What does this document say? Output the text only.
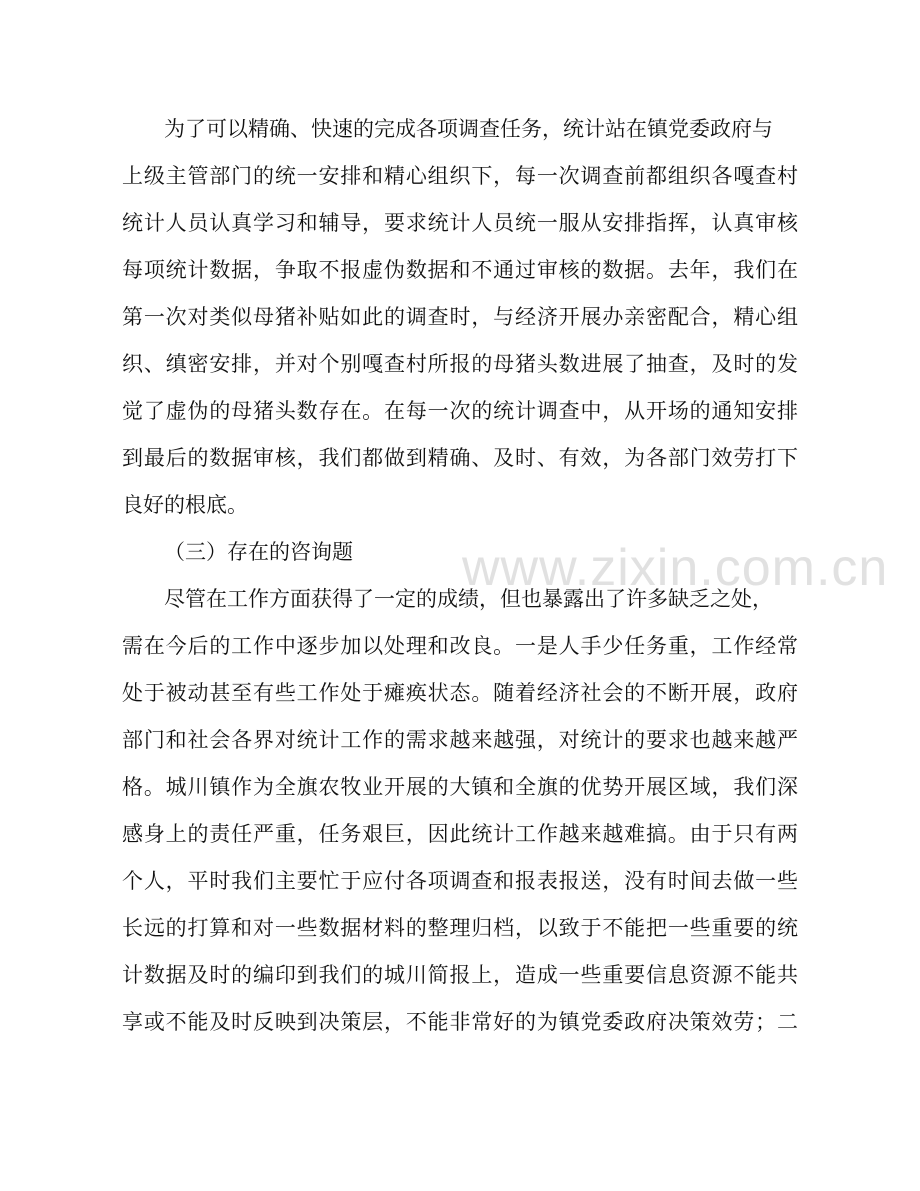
www.zixin.com.cn
为了可以精确、快速的完成各项调查任务，统计站在镇党委政府与
上级主管部门的统一安排和精心组织下，每一次调查前都组织各嘎查村
统计人员认真学习和辅导，要求统计人员统一服从安排指挥，认真审核
每项统计数据，争取不报虚伪数据和不通过审核的数据。去年，我们在
第一次对类似母猪补贴如此的调查时，与经济开展办亲密配合，精心组
织、缜密安排，并对个别嘎查村所报的母猪头数进展了抽查，及时的发
觉了虚伪的母猪头数存在。在每一次的统计调查中，从开场的通知安排
到最后的数据审核，我们都做到精确、及时、有效，为各部门效劳打下
良好的根底。
（三）存在的咨询题
尽管在工作方面获得了一定的成绩，但也暴露出了许多缺乏之处，
需在今后的工作中逐步加以处理和改良。一是人手少任务重，工作经常
处于被动甚至有些工作处于瘫痪状态。随着经济社会的不断开展，政府
部门和社会各界对统计工作的需求越来越强，对统计的要求也越来越严
格。城川镇作为全旗农牧业开展的大镇和全旗的优势开展区域，我们深
感身上的责任严重，任务艰巨，因此统计工作越来越难搞。由于只有两
个人，平时我们主要忙于应付各项调查和报表报送，没有时间去做一些
长远的打算和对一些数据材料的整理归档，以致于不能把一些重要的统
计数据及时的编印到我们的城川简报上，造成一些重要信息资源不能共
享或不能及时反映到决策层，不能非常好的为镇党委政府决策效劳；二
